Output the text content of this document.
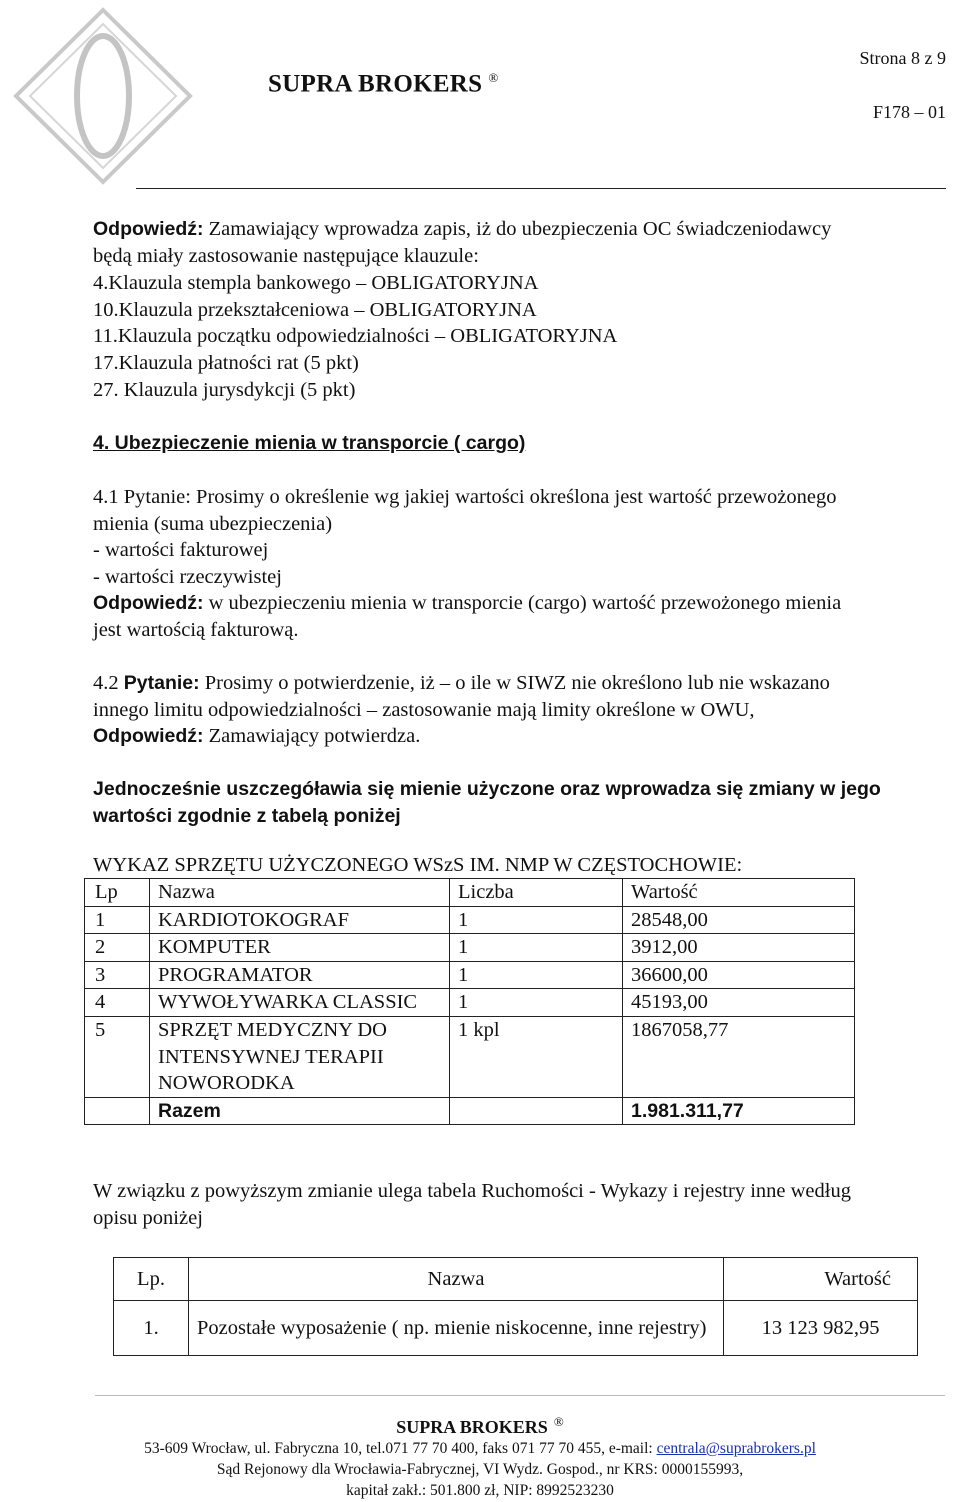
SUPRA BROKERS ®
Strona 8 z 9
F178 – 01
Odpowiedź: Zamawiający wprowadza zapis, iż do ubezpieczenia OC świadczeniodawcy
będą miały zastosowanie następujące klauzule:
4.Klauzula stempla bankowego – OBLIGATORYJNA
10.Klauzula przekształceniowa – OBLIGATORYJNA
11.Klauzula początku odpowiedzialności – OBLIGATORYJNA
17.Klauzula płatności rat (5 pkt)
27. Klauzula jurysdykcji (5 pkt)
4. Ubezpieczenie mienia w transporcie ( cargo)
4.1 Pytanie: Prosimy o określenie wg jakiej wartości określona jest wartość przewożonego
mienia (suma ubezpieczenia)
- wartości fakturowej
- wartości rzeczywistej
Odpowiedź: w ubezpieczeniu mienia w transporcie (cargo) wartość przewożonego mienia
jest wartością fakturową.
4.2 Pytanie: Prosimy o potwierdzenie, iż – o ile w SIWZ nie określono lub nie wskazano
innego limitu odpowiedzialności – zastosowanie mają limity określone w OWU,
Odpowiedź: Zamawiający potwierdza.
Jednocześnie uszczegóławia się mienie użyczone oraz wprowadza się zmiany w jego
wartości zgodnie z tabelą poniżej
WYKAZ SPRZĘTU UŻYCZONEGO WSzS IM. NMP W CZĘSTOCHOWIE:
Lp	Nazwa	Liczba	Wartość
1	KARDIOTOKOGRAF	1	28548,00
2	KOMPUTER	1	3912,00
3	PROGRAMATOR	1	36600,00
4	WYWOŁYWARKA CLASSIC	1	45193,00
5	SPRZĘT MEDYCZNY DO INTENSYWNEJ TERAPII NOWORODKA	1 kpl	1867058,77
	Razem		1.981.311,77
W związku z powyższym zmianie ulega tabela Ruchomości - Wykazy i rejestry inne według
opisu poniżej
Lp.	Nazwa	Wartość
1.	Pozostałe wyposażenie ( np. mienie niskocenne, inne rejestry)	13 123 982,95
SUPRA BROKERS ®
53-609 Wrocław, ul. Fabryczna 10, tel.071 77 70 400, faks 071 77 70 455, e-mail: centrala@suprabrokers.pl
Sąd Rejonowy dla Wrocławia-Fabrycznej, VI Wydz. Gospod., nr KRS: 0000155993,
kapitał zakł.: 501.800 zł, NIP: 8992523230
